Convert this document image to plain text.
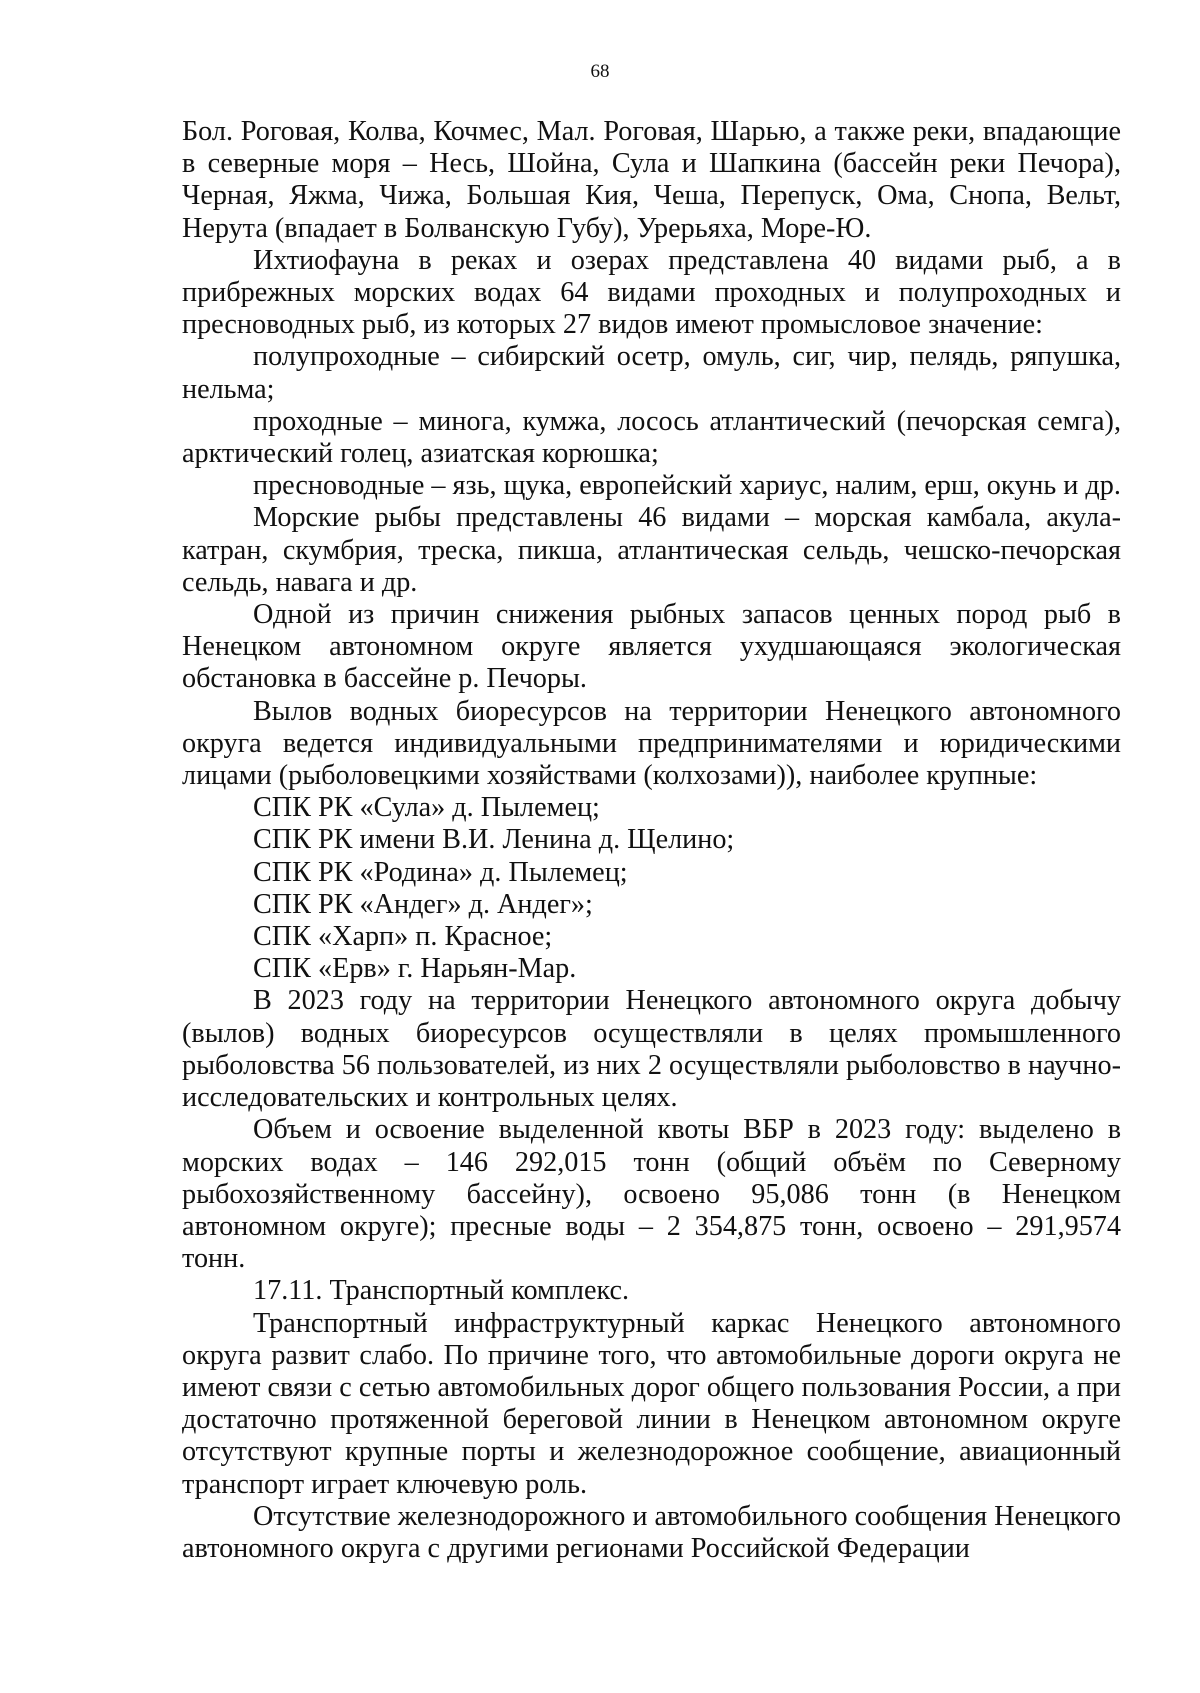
68

Бол. Роговая, Колва, Кочмес, Мал. Роговая, Шарью, а также реки, впадающие в северные моря – Несь, Шойна, Сула и Шапкина (бассейн реки Печора), Черная, Яжма, Чижа, Большая Кия, Чеша, Перепуск, Ома, Снопа, Вельт, Нерута (впадает в Болванскую Губу), Урерьяха, Море-Ю.

Ихтиофауна в реках и озерах представлена 40 видами рыб, а в прибрежных морских водах 64 видами проходных и полупроходных и пресноводных рыб, из которых 27 видов имеют промысловое значение:

полупроходные – сибирский осетр, омуль, сиг, чир, пелядь, ряпушка, нельма;

проходные – минога, кумжа, лосось атлантический (печорская семга), арктический голец, азиатская корюшка;

пресноводные – язь, щука, европейский хариус, налим, ерш, окунь и др.

Морские рыбы представлены 46 видами – морская камбала, акула-катран, скумбрия, треска, пикша, атлантическая сельдь, чешско-печорская сельдь, навага и др.

Одной из причин снижения рыбных запасов ценных пород рыб в Ненецком автономном округе является ухудшающаяся экологическая обстановка в бассейне р. Печоры.

Вылов водных биоресурсов на территории Ненецкого автономного округа ведется индивидуальными предпринимателями и юридическими лицами (рыболовецкими хозяйствами (колхозами)), наиболее крупные:

СПК РК «Сула» д. Пылемец;

СПК РК имени В.И. Ленина д. Щелино;

СПК РК «Родина» д. Пылемец;

СПК РК «Андег» д. Андег»;

СПК «Харп» п. Красное;

СПК «Ерв» г. Нарьян-Мар.

В 2023 году на территории Ненецкого автономного округа добычу (вылов) водных биоресурсов осуществляли в целях промышленного рыболовства 56 пользователей, из них 2 осуществляли рыболовство в научно-исследовательских и контрольных целях.

Объем и освоение выделенной квоты ВБР в 2023 году: выделено в морских водах – 146 292,015 тонн (общий объём по Северному рыбохозяйственному бассейну), освоено 95,086 тонн (в Ненецком автономном округе); пресные воды – 2 354,875 тонн, освоено – 291,9574 тонн.

17.11. Транспортный комплекс.

Транспортный инфраструктурный каркас Ненецкого автономного округа развит слабо. По причине того, что автомобильные дороги округа не имеют связи с сетью автомобильных дорог общего пользования России, а при достаточно протяженной береговой линии в Ненецком автономном округе отсутствуют крупные порты и железнодорожное сообщение, авиационный транспорт играет ключевую роль.

Отсутствие железнодорожного и автомобильного сообщения Ненецкого автономного округа с другими регионами Российской Федерации
